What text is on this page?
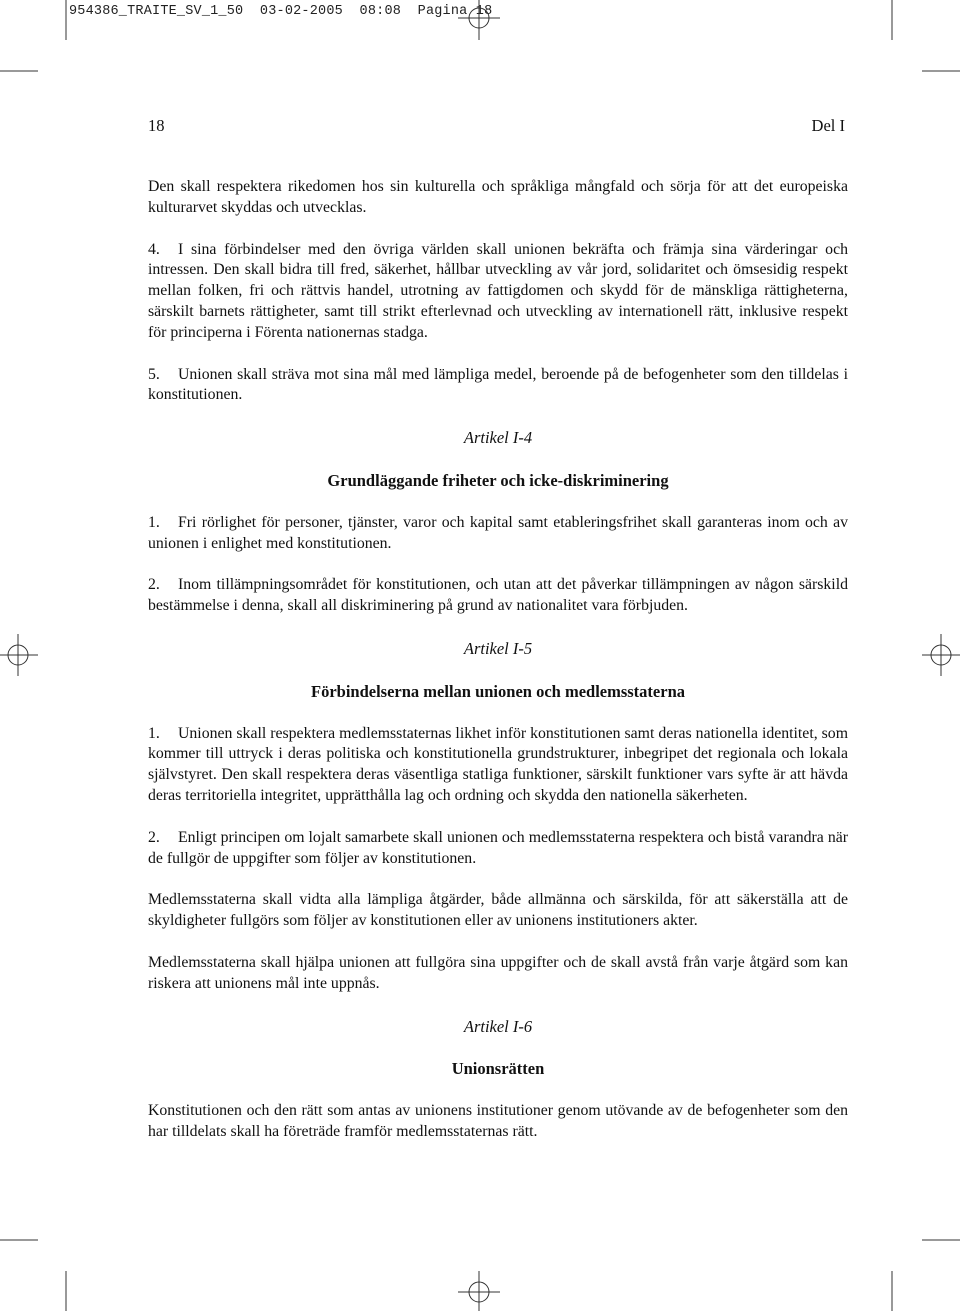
954386_TRAITE_SV_1_50  03-02-2005  08:08  Pagina 18
18	Del I

Den skall respektera rikedomen hos sin kulturella och språkliga mångfald och sörja för att det europeiska kulturarvet skyddas och utvecklas.

4. I sina förbindelser med den övriga världen skall unionen bekräfta och främja sina värderingar och intressen. Den skall bidra till fred, säkerhet, hållbar utveckling av vår jord, solidaritet och ömsesidig respekt mellan folken, fri och rättvis handel, utrotning av fattigdomen och skydd för de mänskliga rättigheterna, särskilt barnets rättigheter, samt till strikt efterlevnad och utveckling av internationell rätt, inklusive respekt för principerna i Förenta nationernas stadga.

5. Unionen skall sträva mot sina mål med lämpliga medel, beroende på de befogenheter som den tilldelas i konstitutionen.

Artikel I-4
Grundläggande friheter och icke-diskriminering

1. Fri rörlighet för personer, tjänster, varor och kapital samt etableringsfrihet skall garanteras inom och av unionen i enlighet med konstitutionen.

2. Inom tillämpningsområdet för konstitutionen, och utan att det påverkar tillämpningen av någon särskild bestämmelse i denna, skall all diskriminering på grund av nationalitet vara förbjuden.

Artikel I-5
Förbindelserna mellan unionen och medlemsstaterna

1. Unionen skall respektera medlemsstaternas likhet inför konstitutionen samt deras nationella identitet, som kommer till uttryck i deras politiska och konstitutionella grundstrukturer, inbegripet det regionala och lokala självstyret. Den skall respektera deras väsentliga statliga funktioner, särskilt funktioner vars syfte är att hävda deras territoriella integritet, upprätthålla lag och ordning och skydda den nationella säkerheten.

2. Enligt principen om lojalt samarbete skall unionen och medlemsstaterna respektera och bistå varandra när de fullgör de uppgifter som följer av konstitutionen.

Medlemsstaterna skall vidta alla lämpliga åtgärder, både allmänna och särskilda, för att säkerställa att de skyldigheter fullgörs som följer av konstitutionen eller av unionens institutioners akter.

Medlemsstaterna skall hjälpa unionen att fullgöra sina uppgifter och de skall avstå från varje åtgärd som kan riskera att unionens mål inte uppnås.

Artikel I-6
Unionsrätten

Konstitutionen och den rätt som antas av unionens institutioner genom utövande av de befogenheter som den har tilldelats skall ha företräde framför medlemsstaternas rätt.
